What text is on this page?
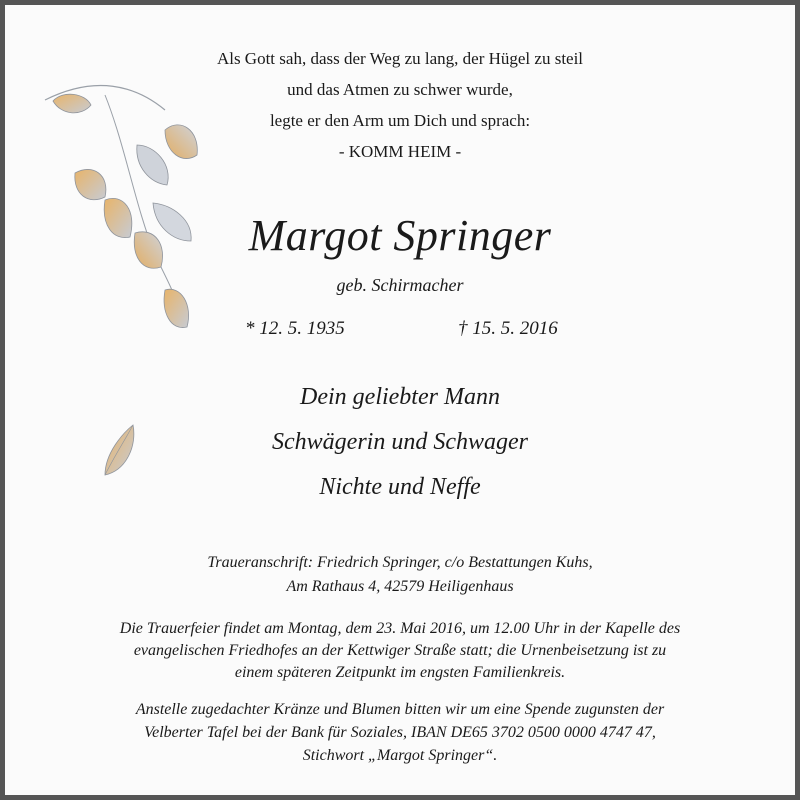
Als Gott sah, dass der Weg zu lang, der Hügel zu steil
und das Atmen zu schwer wurde,
legte er den Arm um Dich und sprach:
- KOMM HEIM -
Margot Springer
geb. Schirmacher
* 12. 5. 1935	† 15. 5. 2016
Dein geliebter Mann
Schwägerin und Schwager
Nichte und Neffe
Traueranschrift: Friedrich Springer, c/o Bestattungen Kuhs,
Am Rathaus 4, 42579 Heiligenhaus
Die Trauerfeier findet am Montag, dem 23. Mai 2016, um 12.00 Uhr in der Kapelle des
evangelischen Friedhofes an der Kettwiger Straße statt; die Urnenbeisetzung ist zu
einem späteren Zeitpunkt im engsten Familienkreis.
Anstelle zugedachter Kränze und Blumen bitten wir um eine Spende zugunsten der
Velberter Tafel bei der Bank für Soziales, IBAN DE65 3702 0500 0000 4747 47,
Stichwort „Margot Springer“.
